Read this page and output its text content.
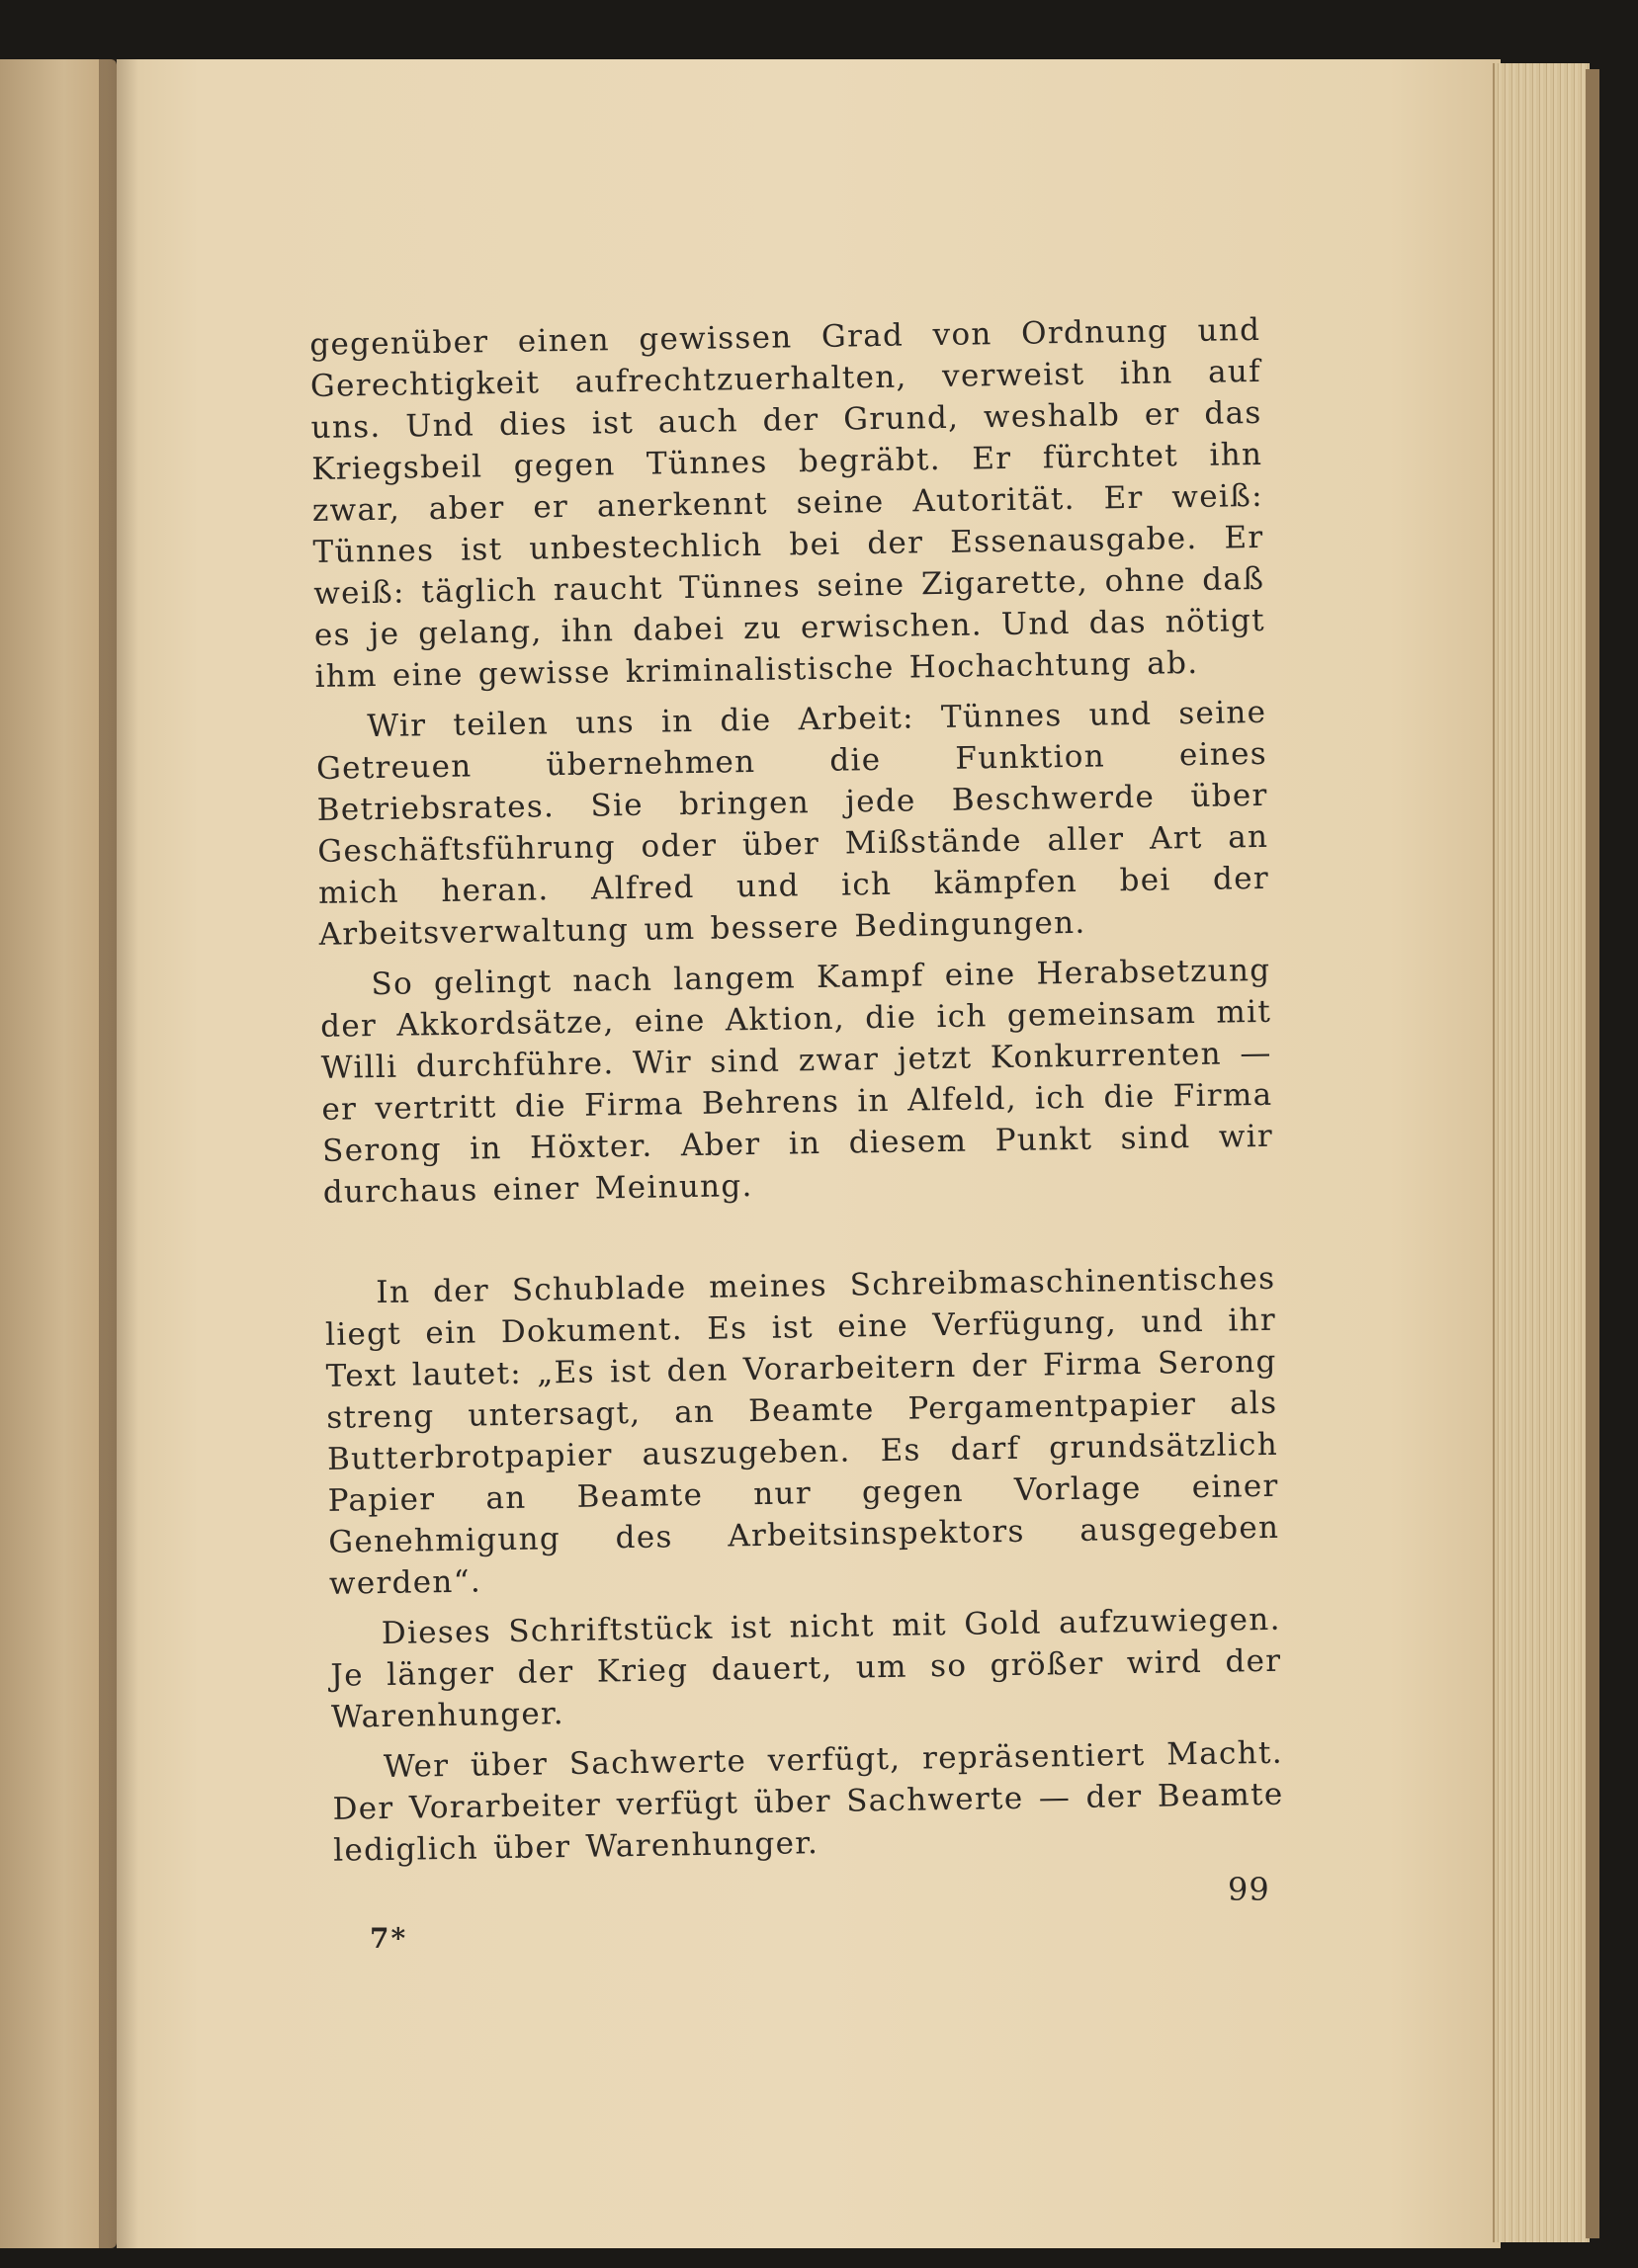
gegenüber einen gewissen Grad von Ordnung und Gerechtigkeit aufrechtzuerhalten, verweist ihn auf uns. Und dies ist auch der Grund, weshalb er das Kriegsbeil gegen Tünnes begräbt. Er fürchtet ihn zwar, aber er anerkennt seine Autorität. Er weiß: Tünnes ist unbestechlich bei der Essenausgabe. Er weiß: täglich raucht Tünnes seine Zigarette, ohne daß es je gelang, ihn dabei zu erwischen. Und das nötigt ihm eine gewisse kriminalistische Hochachtung ab.

Wir teilen uns in die Arbeit: Tünnes und seine Getreuen übernehmen die Funktion eines Betriebsrates. Sie bringen jede Beschwerde über Geschäftsführung oder über Mißstände aller Art an mich heran. Alfred und ich kämpfen bei der Arbeitsverwaltung um bessere Bedingungen.

So gelingt nach langem Kampf eine Herabsetzung der Akkordsätze, eine Aktion, die ich gemeinsam mit Willi durchführe. Wir sind zwar jetzt Konkurrenten — er vertritt die Firma Behrens in Alfeld, ich die Firma Serong in Höxter. Aber in diesem Punkt sind wir durchaus einer Meinung.

In der Schublade meines Schreibmaschinentisches liegt ein Dokument. Es ist eine Verfügung, und ihr Text lautet: „Es ist den Vorarbeitern der Firma Serong streng untersagt, an Beamte Pergamentpapier als Butterbrotpapier auszugeben. Es darf grundsätzlich Papier an Beamte nur gegen Vorlage einer Genehmigung des Arbeitsinspektors ausgegeben werden“.

Dieses Schriftstück ist nicht mit Gold aufzuwiegen. Je länger der Krieg dauert, um so größer wird der Warenhunger.

Wer über Sachwerte verfügt, repräsentiert Macht. Der Vorarbeiter verfügt über Sachwerte — der Beamte lediglich über Warenhunger.

99
7*
